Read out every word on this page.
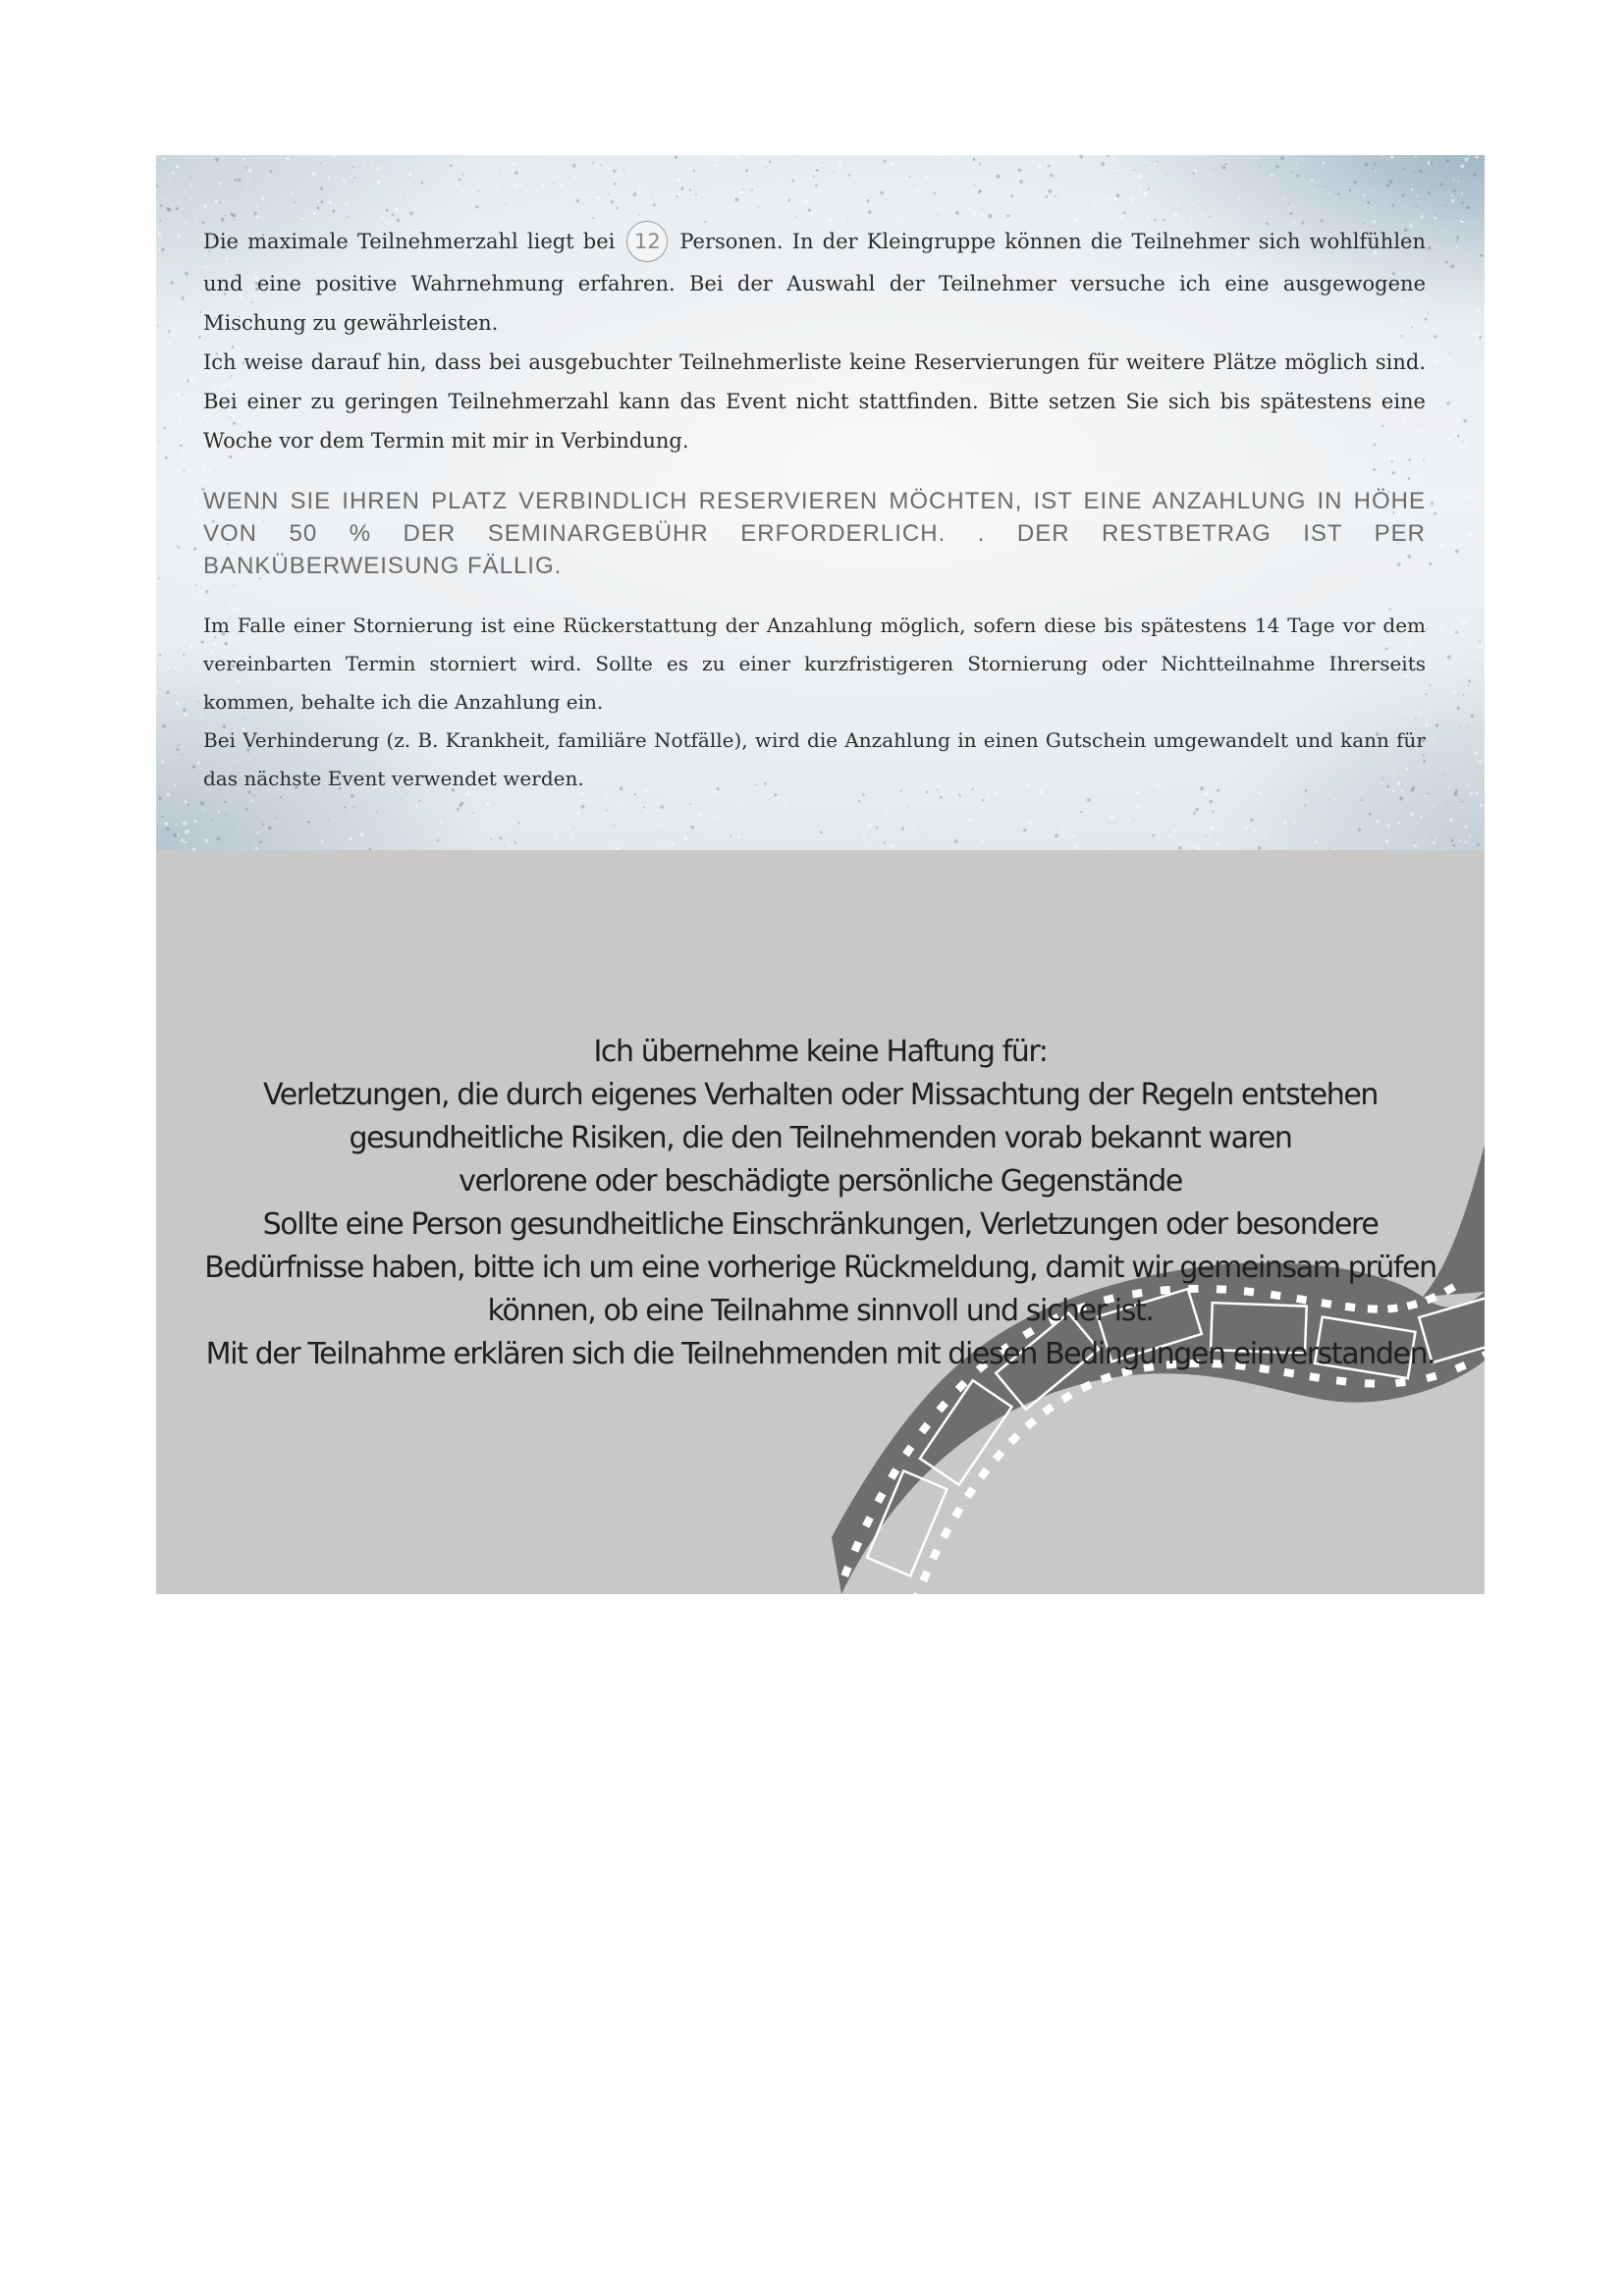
Die maximale Teilnehmerzahl liegt bei 12 Personen. In der Kleingruppe können die Teilnehmer sich wohlfühlen und eine positive Wahrnehmung erfahren. Bei der Auswahl der Teilnehmer versuche ich eine ausgewogene Mischung zu gewährleisten.

Ich weise darauf hin, dass bei ausgebuchter Teilnehmerliste keine Reservierungen für weitere Plätze möglich sind. Bei einer zu geringen Teilnehmerzahl kann das Event nicht stattfinden. Bitte setzen Sie sich bis spätestens eine Woche vor dem Termin mit mir in Verbindung.

WENN SIE IHREN PLATZ VERBINDLICH RESERVIEREN MÖCHTEN, IST EINE ANZAHLUNG IN HÖHE VON 50 % DER SEMINARGEBÜHR ERFORDERLICH. . DER RESTBETRAG IST PER BANKÜBERWEISUNG FÄLLIG.

Im Falle einer Stornierung ist eine Rückerstattung der Anzahlung möglich, sofern diese bis spätestens 14 Tage vor dem vereinbarten Termin storniert wird. Sollte es zu einer kurzfristigeren Stornierung oder Nichtteilnahme Ihrerseits kommen, behalte ich die Anzahlung ein.

Bei Verhinderung (z. B. Krankheit, familiäre Notfälle), wird die Anzahlung in einen Gutschein umgewandelt und kann für das nächste Event verwendet werden.

Ich übernehme keine Haftung für:
Verletzungen, die durch eigenes Verhalten oder Missachtung der Regeln entstehen
gesundheitliche Risiken, die den Teilnehmenden vorab bekannt waren
verlorene oder beschädigte persönliche Gegenstände
Sollte eine Person gesundheitliche Einschränkungen, Verletzungen oder besondere
Bedürfnisse haben, bitte ich um eine vorherige Rückmeldung, damit wir gemeinsam prüfen
können, ob eine Teilnahme sinnvoll und sicher ist.
Mit der Teilnahme erklären sich die Teilnehmenden mit diesen Bedingungen einverstanden.
